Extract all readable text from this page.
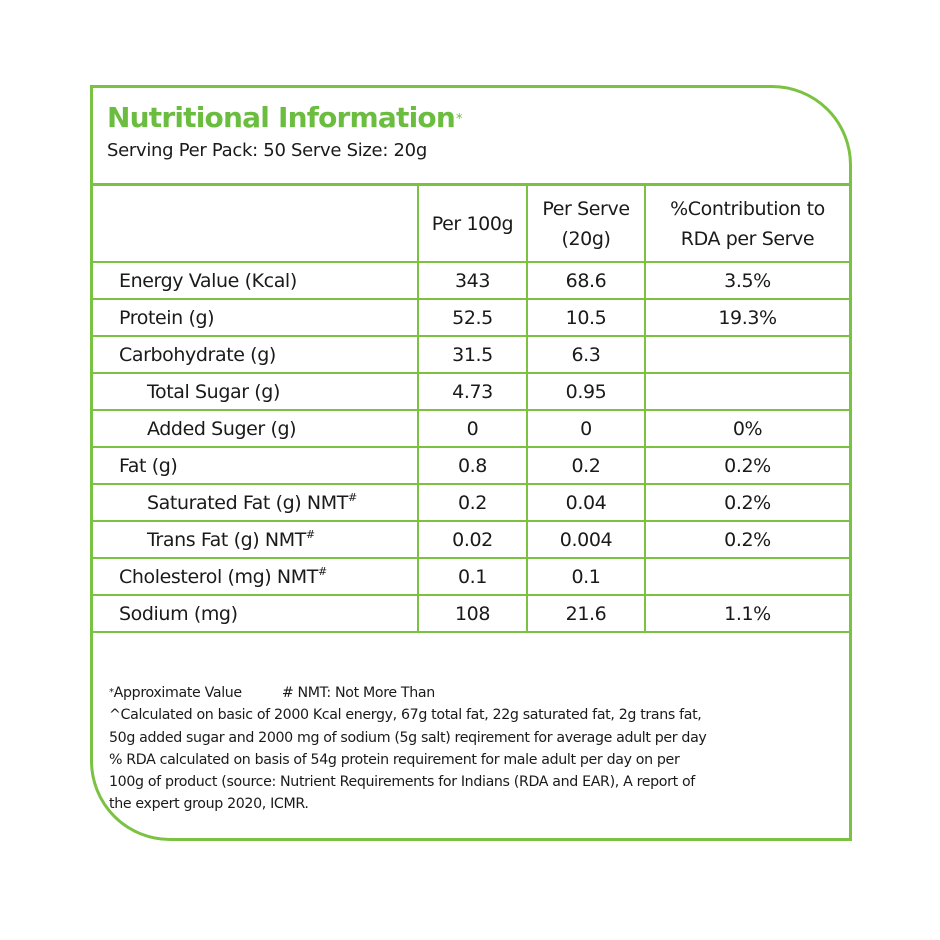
Nutritional Information*
Serving Per Pack: 50 Serve Size: 20g
	Per 100g	Per Serve (20g)	%Contribution to RDA per Serve
Energy Value (Kcal)	343	68.6	3.5%
Protein (g)	52.5	10.5	19.3%
Carbohydrate (g)	31.5	6.3	
Total Sugar (g)	4.73	0.95	
Added Suger (g)	0	0	0%
Fat (g)	0.8	0.2	0.2%
Saturated Fat (g) NMT#	0.2	0.04	0.2%
Trans Fat (g) NMT#	0.02	0.004	0.2%
Cholesterol (mg) NMT#	0.1	0.1	
Sodium (mg)	108	21.6	1.1%
*Approximate Value	# NMT: Not More Than
^Calculated on basic of 2000 Kcal energy, 67g total fat, 22g saturated fat, 2g trans fat,
50g added sugar and 2000 mg of sodium (5g salt) reqirement for average adult per day
% RDA calculated on basis of 54g protein requirement for male adult per day on per
100g of product (source: Nutrient Requirements for Indians (RDA and EAR), A report of
the expert group 2020, ICMR.
